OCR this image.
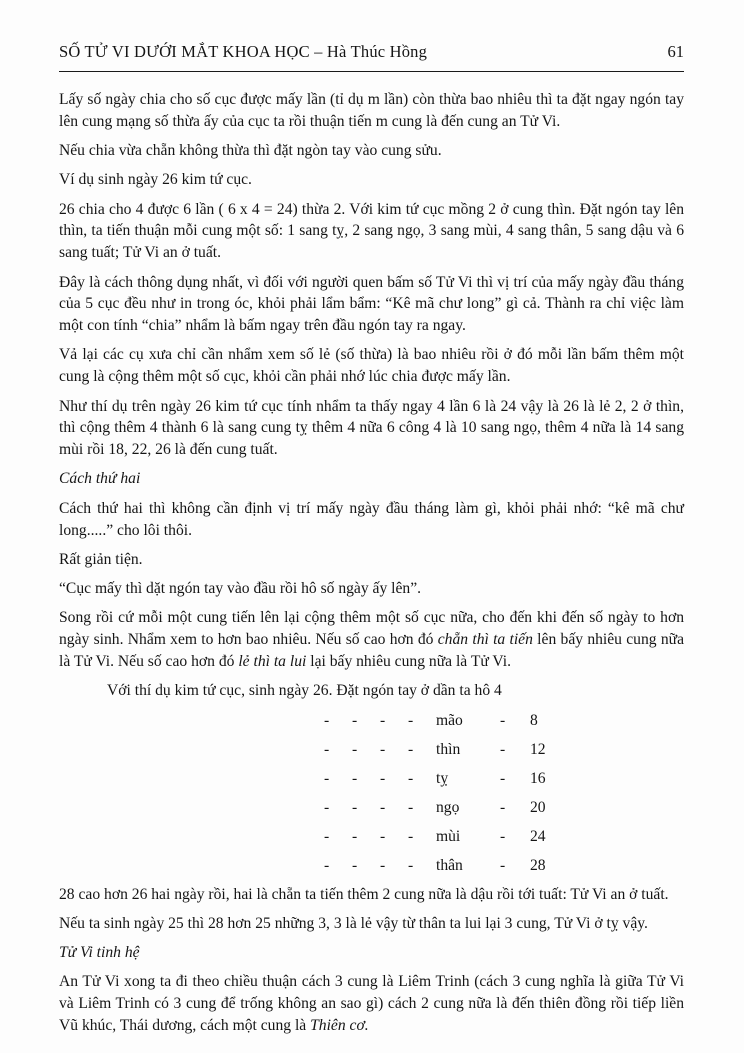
SỐ TỬ VI DƯỚI MẮT KHOA HỌC – Hà Thúc Hồng	61

Lấy số ngày chia cho số cục được mấy lần (tỉ dụ m lần) còn thừa bao nhiêu thì ta đặt ngay ngón tay lên cung mạng số thừa ấy của cục ta rồi thuận tiến m cung là đến cung an Tử Vi.

Nếu chia vừa chẵn không thừa thì đặt ngòn tay vào cung sửu.

Ví dụ sinh ngày 26 kim tứ cục.

26 chia cho 4 được 6 lần ( 6 x 4 = 24) thừa 2. Với kim tứ cục mồng 2 ở cung thìn. Đặt ngón tay lên thìn, ta tiến thuận mỗi cung một số: 1 sang tỵ, 2 sang ngọ, 3 sang mùi, 4 sang thân, 5 sang dậu và 6 sang tuất; Tử Vi an ở tuất.

Đây là cách thông dụng nhất, vì đối với người quen bấm số Tử Vi thì vị trí của mấy ngày đầu tháng của 5 cục đều như in trong óc, khỏi phải lẩm bẩm: “Kê mã chư long” gì cả. Thành ra chỉ việc làm một con tính “chia” nhẩm là bấm ngay trên đầu ngón tay ra ngay.

Vả lại các cụ xưa chỉ cần nhẩm xem số lẻ (số thừa) là bao nhiêu rồi ở đó mỗi lần bấm thêm một cung là cộng thêm một số cục, khỏi cần phải nhớ lúc chia được mấy lần.

Như thí dụ trên ngày 26 kim tứ cục tính nhẩm ta thấy ngay 4 lần 6 là 24 vậy là 26 là lẻ 2, 2 ở thìn, thì cộng thêm 4 thành 6 là sang cung tỵ thêm 4 nữa 6 công 4 là 10 sang ngọ, thêm 4 nữa là 14 sang mùi rồi 18, 22, 26 là đến cung tuất.

Cách thứ hai

Cách thứ hai thì không cần định vị trí mấy ngày đầu tháng làm gì, khỏi phải nhớ: “kê mã chư long.....” cho lôi thôi.

Rất giản tiện.

“Cục mấy thì dặt ngón tay vào đầu rồi hô số ngày ấy lên”.

Song rồi cứ mỗi một cung tiến lên lại cộng thêm một số cục nữa, cho đến khi đến số ngày to hơn ngày sinh. Nhẩm xem to hơn bao nhiêu. Nếu số cao hơn đó chẵn thì ta tiến lên bấy nhiêu cung nữa là Tử Vi. Nếu số cao hơn đó lẻ thì ta lui lại bấy nhiêu cung nữa là Tử Vi.

Với thí dụ kim tứ cục, sinh ngày 26. Đặt ngón tay ở dần ta hô 4

-	-	-	-	mão	-	8
-	-	-	-	thìn	-	12
-	-	-	-	tỵ	-	16
-	-	-	-	ngọ	-	20
-	-	-	-	mùi	-	24
-	-	-	-	thân	-	28

28 cao hơn 26 hai ngày rồi, hai là chẵn ta tiến thêm 2 cung nữa là dậu rồi tới tuất: Tử Vi an ở tuất.

Nếu ta sinh ngày 25 thì 28 hơn 25 những 3, 3 là lẻ vậy từ thân ta lui lại 3 cung, Tử Vi ở tỵ vậy.

Tử Vi tinh hệ

An Tử Vi xong ta đi theo chiều thuận cách 3 cung là Liêm Trinh (cách 3 cung nghĩa là giữa Tử Vi và Liêm Trinh có 3 cung để trống không an sao gì) cách 2 cung nữa là đến thiên đồng rồi tiếp liền Vũ khúc, Thái dương, cách một cung là Thiên cơ.
